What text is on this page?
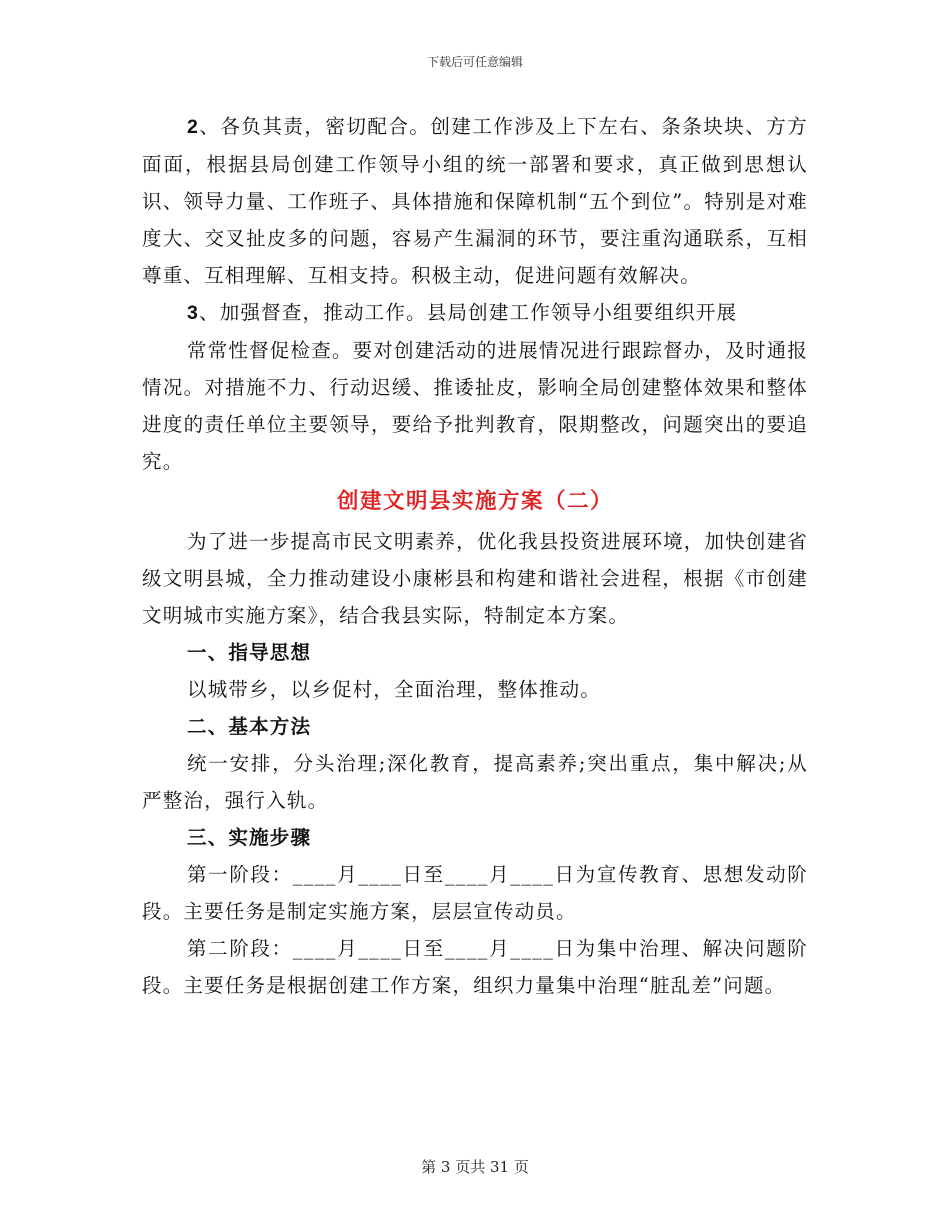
下载后可任意编辑

2、各负其责，密切配合。创建工作涉及上下左右、条条块块、方方面面，根据县局创建工作领导小组的统一部署和要求，真正做到思想认识、领导力量、工作班子、具体措施和保障机制“五个到位”。特别是对难度大、交叉扯皮多的问题，容易产生漏洞的环节，要注重沟通联系，互相尊重、互相理解、互相支持。积极主动，促进问题有效解决。

3、加强督查，推动工作。县局创建工作领导小组要组织开展

常常性督促检查。要对创建活动的进展情况进行跟踪督办，及时通报情况。对措施不力、行动迟缓、推诿扯皮，影响全局创建整体效果和整体进度的责任单位主要领导，要给予批判教育，限期整改，问题突出的要追究。

创建文明县实施方案（二）

为了进一步提高市民文明素养，优化我县投资进展环境，加快创建省级文明县城，全力推动建设小康彬县和构建和谐社会进程，根据《市创建文明城市实施方案》，结合我县实际，特制定本方案。

一、指导思想

以城带乡，以乡促村，全面治理，整体推动。

二、基本方法

统一安排，分头治理;深化教育，提高素养;突出重点，集中解决;从严整治，强行入轨。

三、实施步骤

第一阶段：____月____日至____月____日为宣传教育、思想发动阶段。主要任务是制定实施方案，层层宣传动员。

第二阶段：____月____日至____月____日为集中治理、解决问题阶段。主要任务是根据创建工作方案，组织力量集中治理“脏乱差”问题。

第 3 页共 31 页
